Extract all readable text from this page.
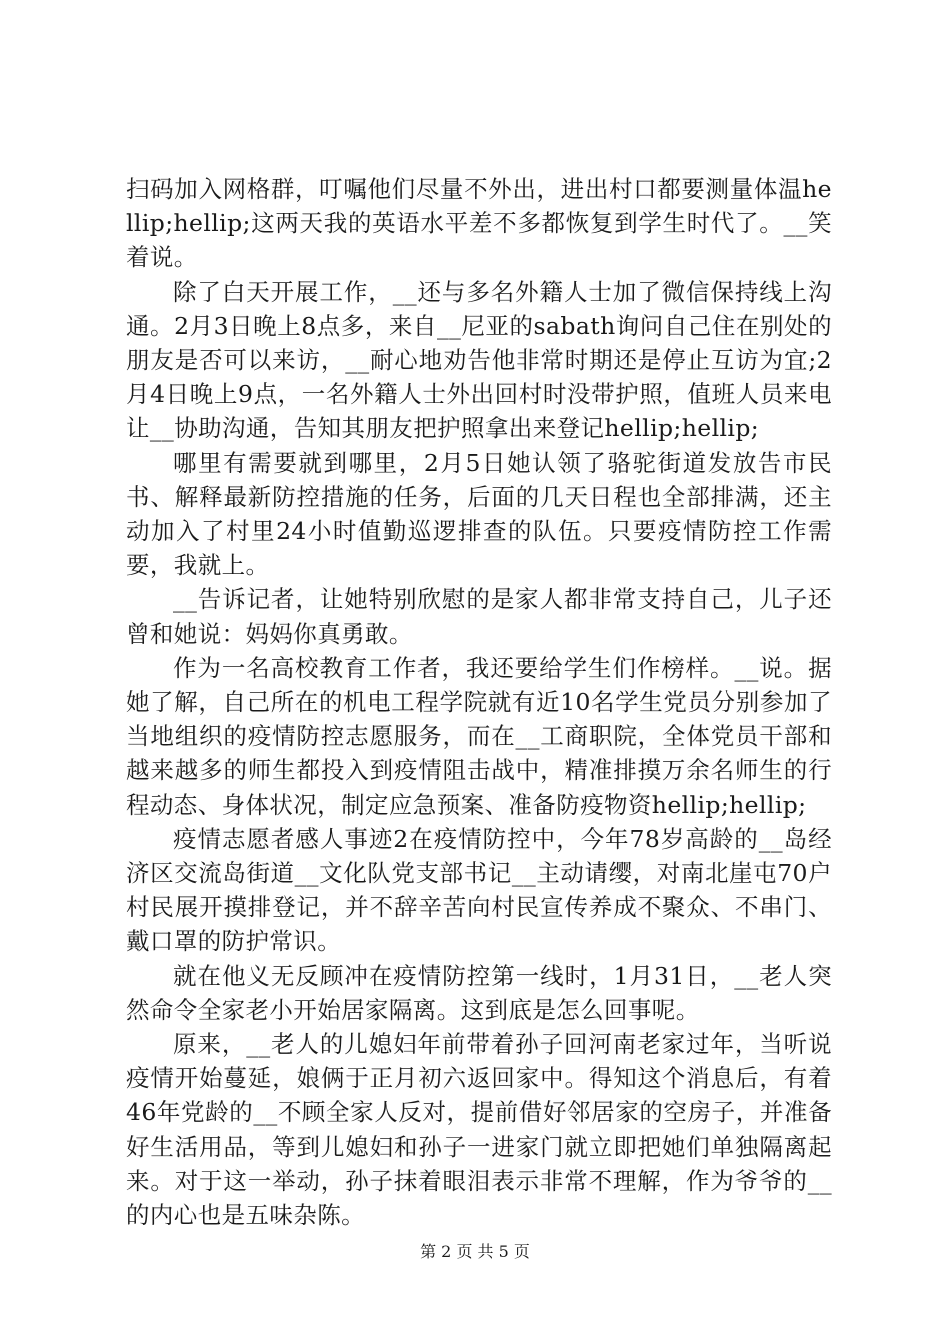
扫码加入网格群，叮嘱他们尽量不外出，进出村口都要测量体温hellip;hellip;这两天我的英语水平差不多都恢复到学生时代了。__笑着说。

除了白天开展工作，__还与多名外籍人士加了微信保持线上沟通。2月3日晚上8点多，来自__尼亚的sabath询问自己住在别处的朋友是否可以来访，__耐心地劝告他非常时期还是停止互访为宜;2月4日晚上9点，一名外籍人士外出回村时没带护照，值班人员来电让__协助沟通，告知其朋友把护照拿出来登记hellip;hellip;

哪里有需要就到哪里，2月5日她认领了骆驼街道发放告市民书、解释最新防控措施的任务，后面的几天日程也全部排满，还主动加入了村里24小时值勤巡逻排查的队伍。只要疫情防控工作需要，我就上。

__告诉记者，让她特别欣慰的是家人都非常支持自己，儿子还曾和她说：妈妈你真勇敢。

作为一名高校教育工作者，我还要给学生们作榜样。__说。据她了解，自己所在的机电工程学院就有近10名学生党员分别参加了当地组织的疫情防控志愿服务，而在__工商职院，全体党员干部和越来越多的师生都投入到疫情阻击战中，精准排摸万余名师生的行程动态、身体状况，制定应急预案、准备防疫物资hellip;hellip;

疫情志愿者感人事迹2在疫情防控中，今年78岁高龄的__岛经济区交流岛街道__文化队党支部书记__主动请缨，对南北崖屯70户村民展开摸排登记，并不辞辛苦向村民宣传养成不聚众、不串门、戴口罩的防护常识。

就在他义无反顾冲在疫情防控第一线时，1月31日，__老人突然命令全家老小开始居家隔离。这到底是怎么回事呢。

原来，__老人的儿媳妇年前带着孙子回河南老家过年，当听说疫情开始蔓延，娘俩于正月初六返回家中。得知这个消息后，有着46年党龄的__不顾全家人反对，提前借好邻居家的空房子，并准备好生活用品，等到儿媳妇和孙子一进家门就立即把她们单独隔离起来。对于这一举动，孙子抹着眼泪表示非常不理解，作为爷爷的__的内心也是五味杂陈。

第 2 页 共 5 页
